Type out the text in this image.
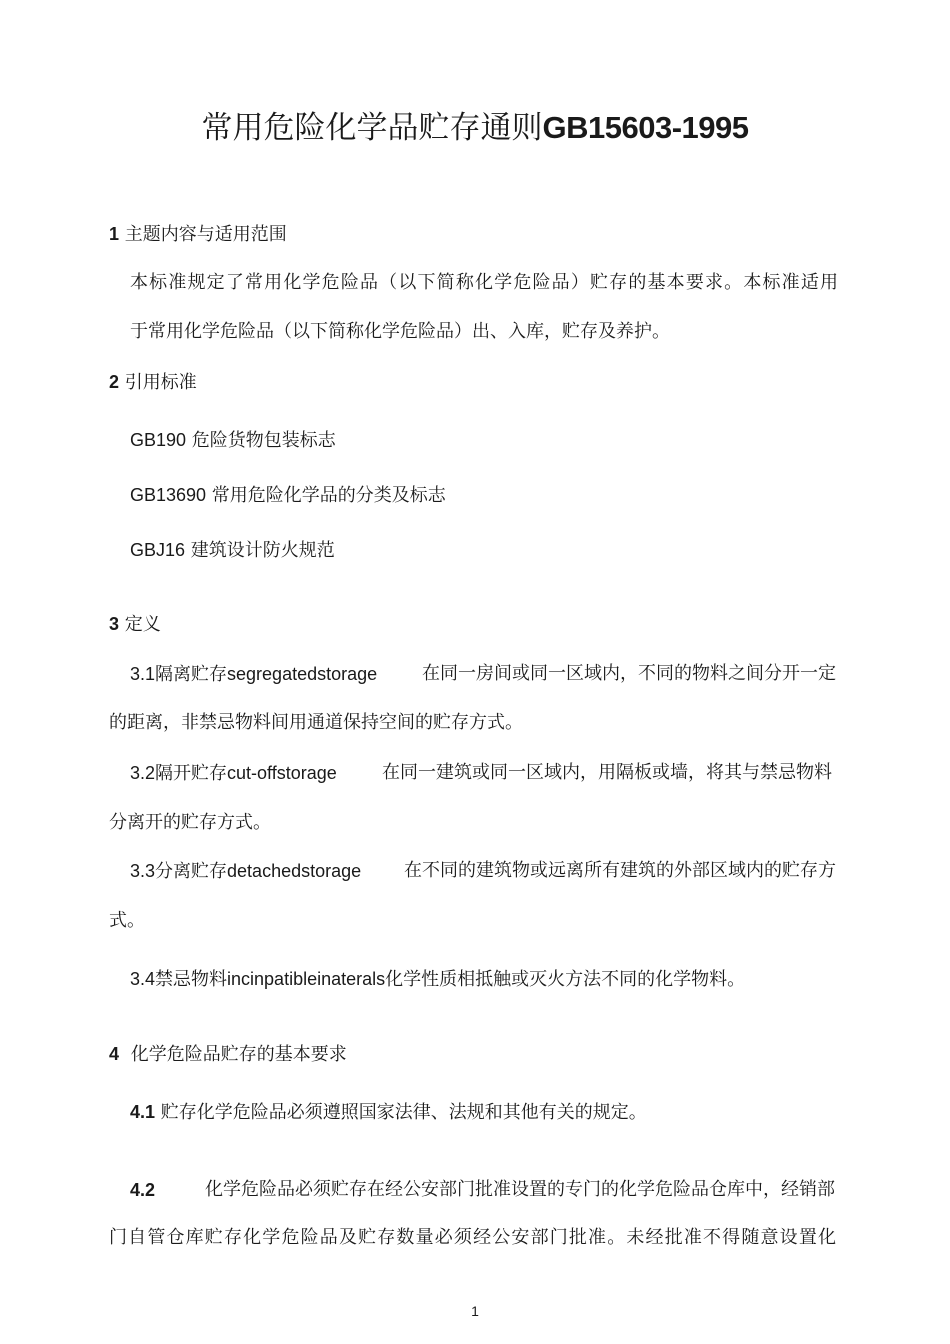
常用危险化学品贮存通则GB15603-1995
1 主题内容与适用范围
本标准规定了常用化学危险品（以下简称化学危险品）贮存的基本要求。本标准适用
于常用化学危险品（以下简称化学危险品）出、入库，贮存及养护。
2 引用标准
GB190 危险货物包装标志
GB13690 常用危险化学品的分类及标志
GBJ16 建筑设计防火规范
3 定义
3.1隔离贮存segregatedstorage 在同一房间或同一区域内，不同的物料之间分开一定
的距离，非禁忌物料间用通道保持空间的贮存方式。
3.2隔开贮存cut-offstorage	在同一建筑或同一区域内，用隔板或墙，将其与禁忌物料
分离开的贮存方式。
3.3分离贮存detachedstorage 在不同的建筑物或远离所有建筑的外部区域内的贮存方
式。
3.4禁忌物料incinpatibleinaterals化学性质相抵触或灭火方法不同的化学物料。
4 化学危险品贮存的基本要求
4.1 贮存化学危险品必须遵照国家法律、法规和其他有关的规定。
4.2	化学危险品必须贮存在经公安部门批准设置的专门的化学危险品仓库中，经销部
门自管仓库贮存化学危险品及贮存数量必须经公安部门批准。未经批准不得随意设置化
1
